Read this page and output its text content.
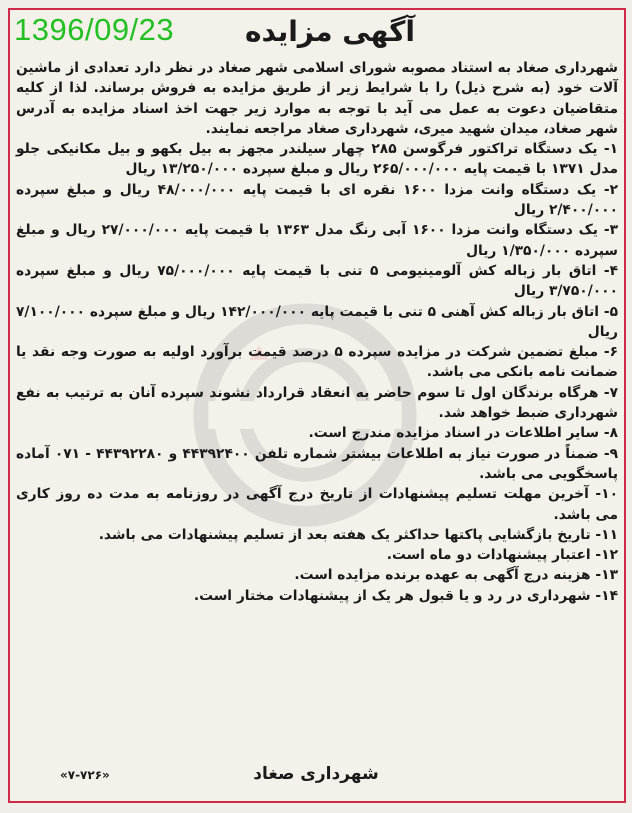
1396/09/23	آگهی مزایده

شهرداری صغاد به استناد مصوبه شورای اسلامی شهر صغاد در نظر دارد تعدادی از ماشین آلات خود (به شرح ذیل) را با شرایط زیر از طریق مزایده به فروش برساند. لذا از کلیه متقاضیان دعوت به عمل می آید با توجه به موارد زیر جهت اخذ اسناد مزایده به آدرس شهر صغاد، میدان شهید میری، شهرداری صغاد مراجعه نمایند.

۱- یک دستگاه تراکتور فرگوسن ۲۸۵ چهار سیلندر مجهز به بیل بکهو و بیل مکانیکی جلو مدل ۱۳۷۱ با قیمت پایه ۲۶۵/۰۰۰/۰۰۰ ریال و مبلغ سپرده ۱۳/۲۵۰/۰۰۰ ریال

۲- یک دستگاه وانت مزدا ۱۶۰۰ نقره ای با قیمت پایه ۴۸/۰۰۰/۰۰۰ ریال و مبلغ سپرده ۲/۴۰۰/۰۰۰ ریال

۳- یک دستگاه وانت مزدا ۱۶۰۰ آبی رنگ مدل ۱۳۶۳ با قیمت پایه ۲۷/۰۰۰/۰۰۰ ریال و مبلغ سپرده ۱/۳۵۰/۰۰۰ ریال

۴- اتاق بار زباله کش آلومینیومی ۵ تنی با قیمت پایه ۷۵/۰۰۰/۰۰۰ ریال و مبلغ سپرده ۳/۷۵۰/۰۰۰ ریال

۵- اتاق بار زباله کش آهنی ۵ تنی با قیمت پایه ۱۴۲/۰۰۰/۰۰۰ ریال و مبلغ سپرده ۷/۱۰۰/۰۰۰ ریال

۶- مبلغ تضمین شرکت در مزایده سپرده ۵ درصد قیمت برآورد اولیه به صورت وجه نقد یا ضمانت نامه بانکی می باشد.

۷- هرگاه برندگان اول تا سوم حاضر به انعقاد قرارداد نشوند سپرده آنان به ترتیب به نفع شهرداری ضبط خواهد شد.

۸- سایر اطلاعات در اسناد مزایده مندرج است.

۹- ضمناً در صورت نیاز به اطلاعات بیشتر شماره تلفن ۴۴۳۹۲۴۰۰ و ۴۴۳۹۲۲۸۰ - ۰۷۱ آماده پاسخگویی می باشد.

۱۰- آخرین مهلت تسلیم پیشنهادات از تاریخ درج آگهی در روزنامه به مدت ده روز کاری می باشد.

۱۱- تاریخ بازگشایی پاکتها حداکثر یک هفته بعد از تسلیم پیشنهادات می باشد.

۱۲- اعتبار پیشنهادات دو ماه است.

۱۳- هزینه درج آگهی به عهده برنده مزایده است.

۱۴- شهرداری در رد و یا قبول هر یک از پیشنهادات مختار است.

شهرداری صغاد
«۷-۷۲۶»
